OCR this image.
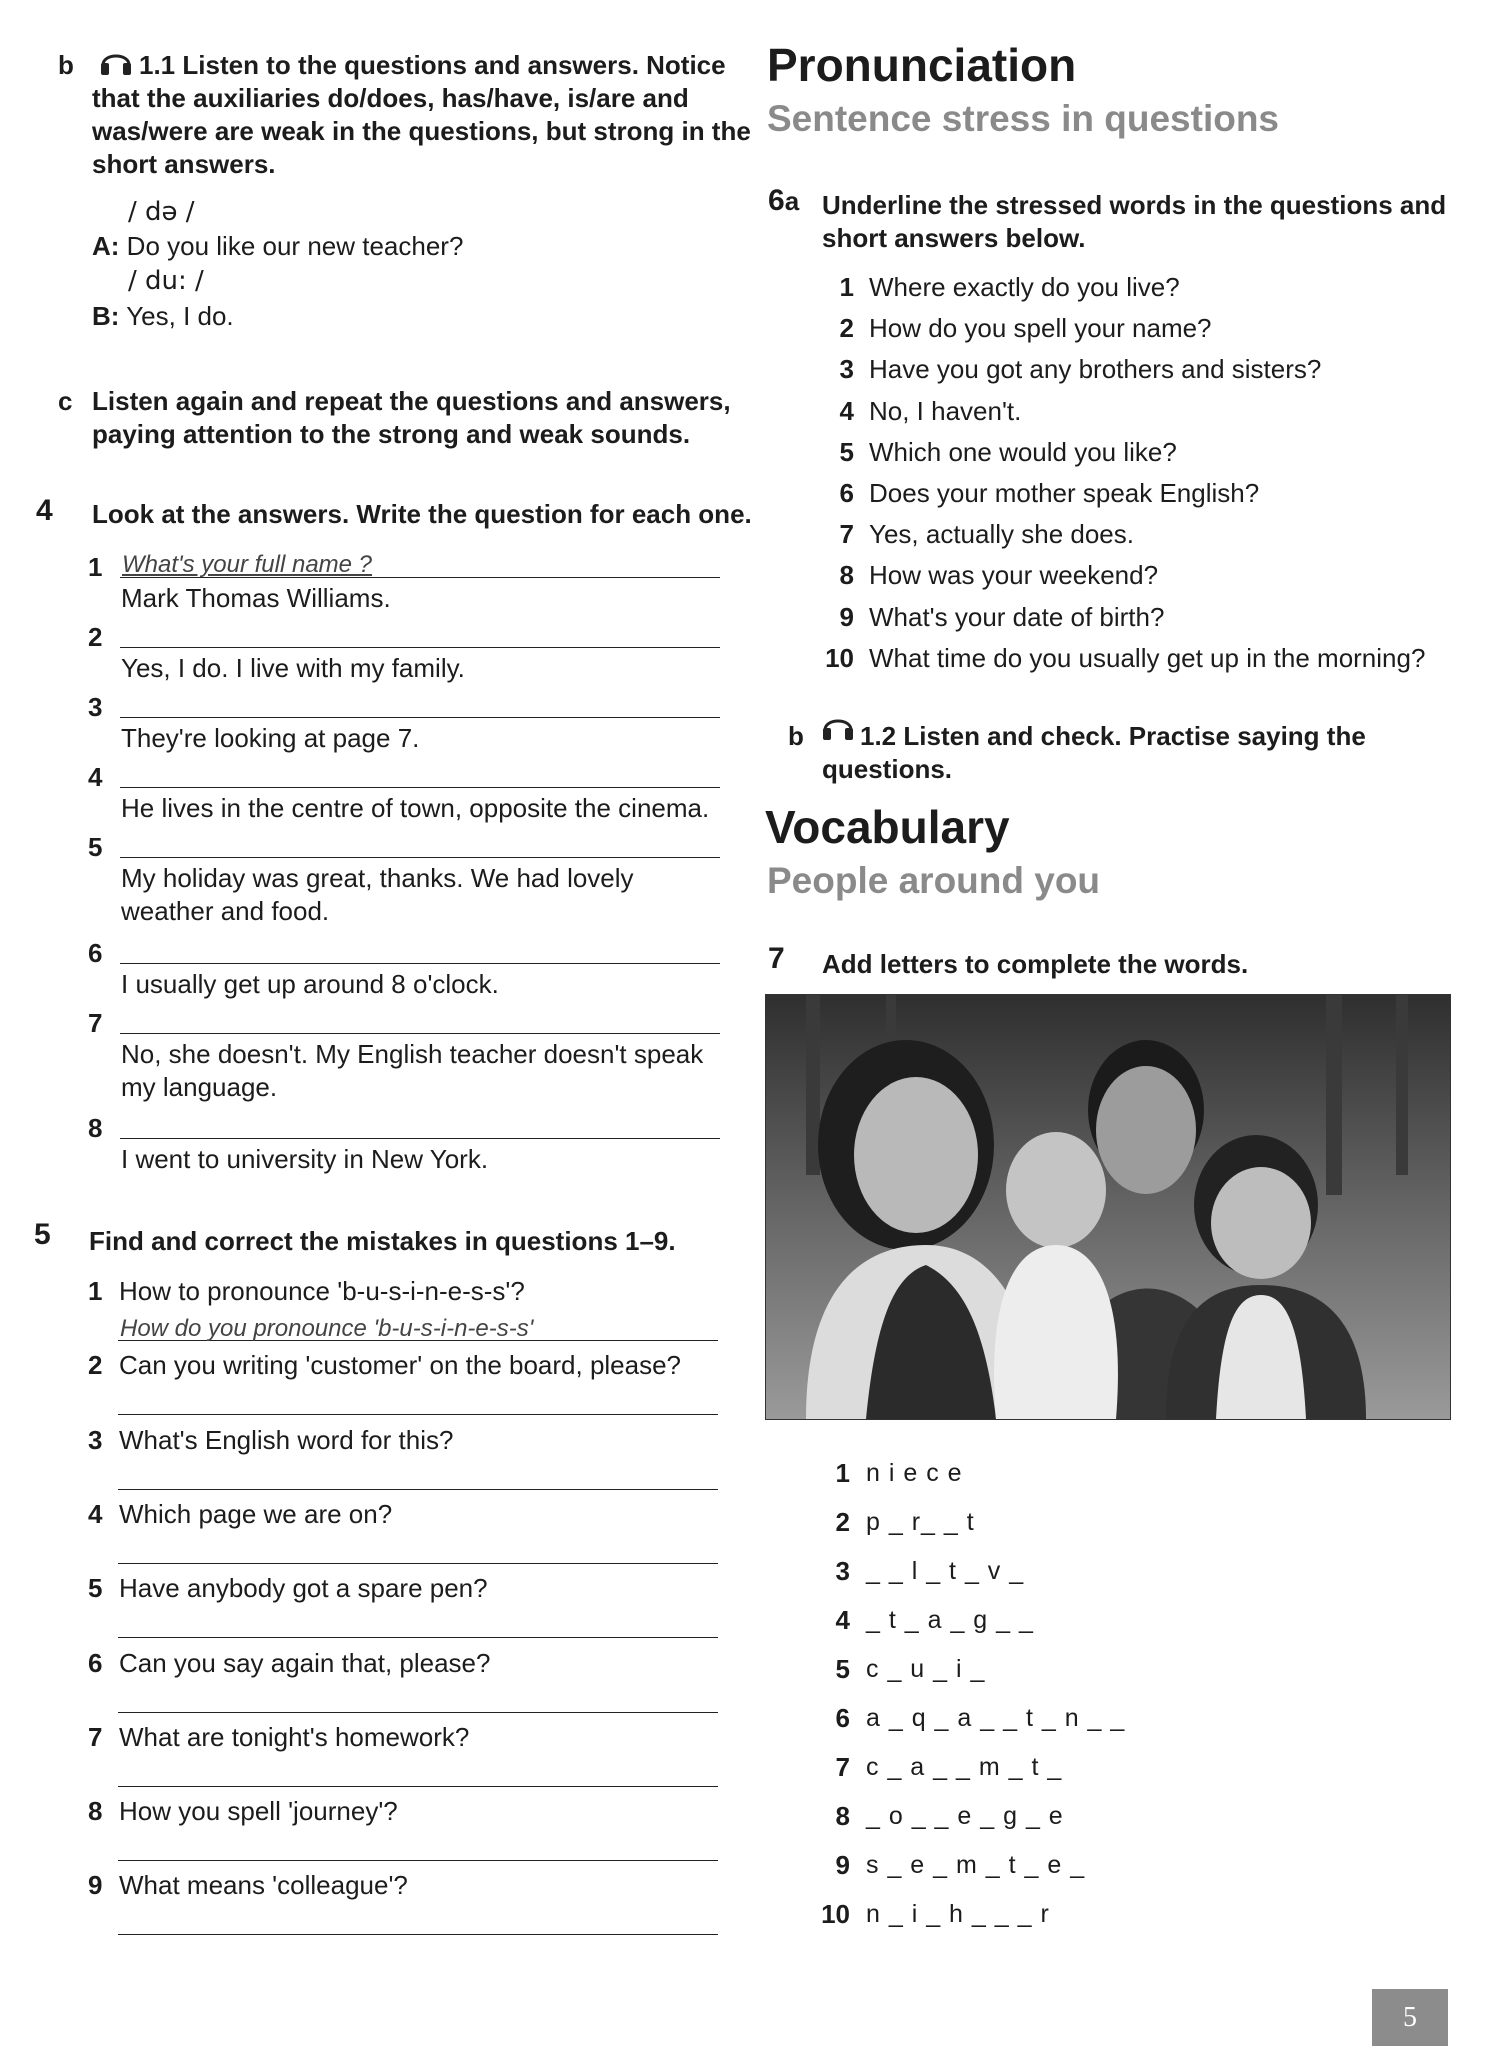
b	1.1 Listen to the questions and answers. Notice
that the auxiliaries do/does, has/have, is/are and
was/were are weak in the questions, but strong in the
short answers.
/ də /
A: Do you like our new teacher?
/ du: /
B: Yes, I do.
c Listen again and repeat the questions and answers,
paying attention to the strong and weak sounds.
4 Look at the answers. Write the question for each one.
1 What's your full name ?
Mark Thomas Williams.
2
Yes, I do. I live with my family.
3
They're looking at page 7.
4
He lives in the centre of town, opposite the cinema.
5
My holiday was great, thanks. We had lovely
weather and food.
6
I usually get up around 8 o'clock.
7
No, she doesn't. My English teacher doesn't speak
my language.
8
I went to university in New York.
5 Find and correct the mistakes in questions 1–9.
1 How to pronounce 'b-u-s-i-n-e-s-s'?
How do you pronounce 'b-u-s-i-n-e-s-s'
2 Can you writing 'customer' on the board, please?
3 What's English word for this?
4 Which page we are on?
5 Have anybody got a spare pen?
6 Can you say again that, please?
7 What are tonight's homework?
8 How you spell 'journey'?
9 What means 'colleague'?
Pronunciation
Sentence stress in questions
6a Underline the stressed words in the questions and
short answers below.
1 Where exactly do you live?
2 How do you spell your name?
3 Have you got any brothers and sisters?
4 No, I haven't.
5 Which one would you like?
6 Does your mother speak English?
7 Yes, actually she does.
8 How was your weekend?
9 What's your date of birth?
10 What time do you usually get up in the morning?
b 1.2 Listen and check. Practise saying the
questions.
Vocabulary
People around you
7 Add letters to complete the words.
1 n i e c e
2 p _ r_ _ t
3 _ _ l _ t _ v _
4 _ t _ a _ g _ _
5 c _ u _ i _
6 a _ q _ a _ _ t _ n _ _
7 c _ a _ _ m _ t _
8 _ o _ _ e _ g _ e
9 s _ e _ m _ t _ e _
10 n _ i _ h _ _ _ r
5
